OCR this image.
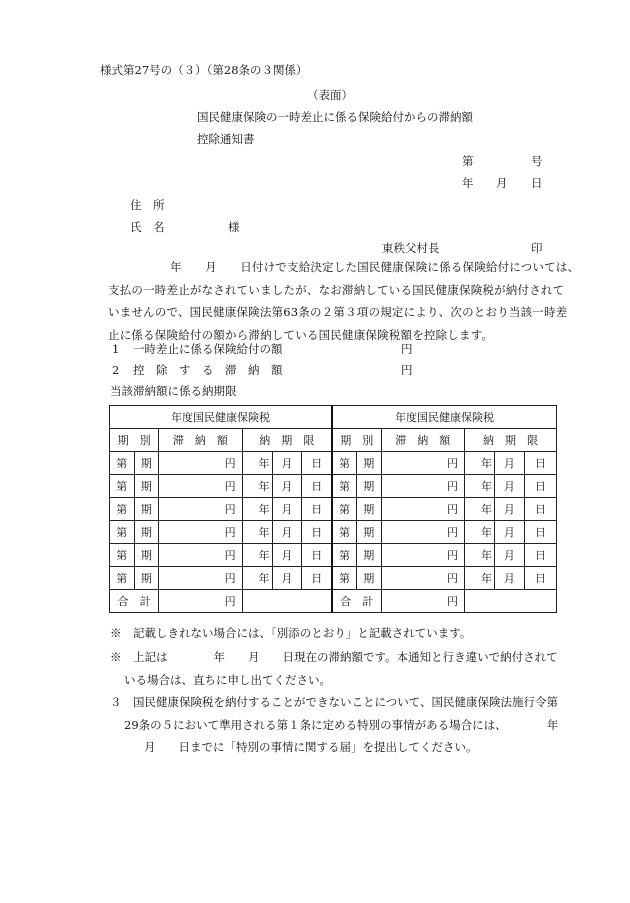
様式第27号の（３）（第28条の３関係）
（表面）
国民健康保険の一時差止に係る保険給付からの滞納額
控除通知書
第	号
年 月 日
住　所
氏　名	様
東秩父村長	印
年　　月　　日付けで支給決定した国民健康保険に係る保険給付については、
支払の一時差止がなされていましたが、なお滞納している国民健康保険税が納付されて
いませんので、国民健康保険法第63条の２第３項の規定により、次のとおり当該一時差
止に係る保険給付の額から滞納している国民健康保険税額を控除します。
1 一時差止に係る保険給付の額	円
2 控　除　す　る　滞　納　額	円
当該滞納額に係る納期限
年度国民健康保険税						年度国民健康保険税					
期　別		滞　納　額	納　期　限			期　別		滞　納　額	納　期　限		
第	期	円	年	月	日	第	期	円	年	月	日
第	期	円	年	月	日	第	期	円	年	月	日
第	期	円	年	月	日	第	期	円	年	月	日
第	期	円	年	月	日	第	期	円	年	月	日
第	期	円	年	月	日	第	期	円	年	月	日
第	期	円	年	月	日	第	期	円	年	月	日
合　計		円				合　計		円			
※　記載しきれない場合には、「別添のとおり」と記載されています。
※　上記は　　　　年　　月　　日現在の滞納額です。本通知と行き違いで納付されて
いる場合は、直ちに申し出てください。
３　国民健康保険税を納付することができないことについて、国民健康保険法施行令第
29条の５において準用される第１条に定める特別の事情がある場合には、　　　　年
月　　日までに「特別の事情に関する届」を提出してください。
